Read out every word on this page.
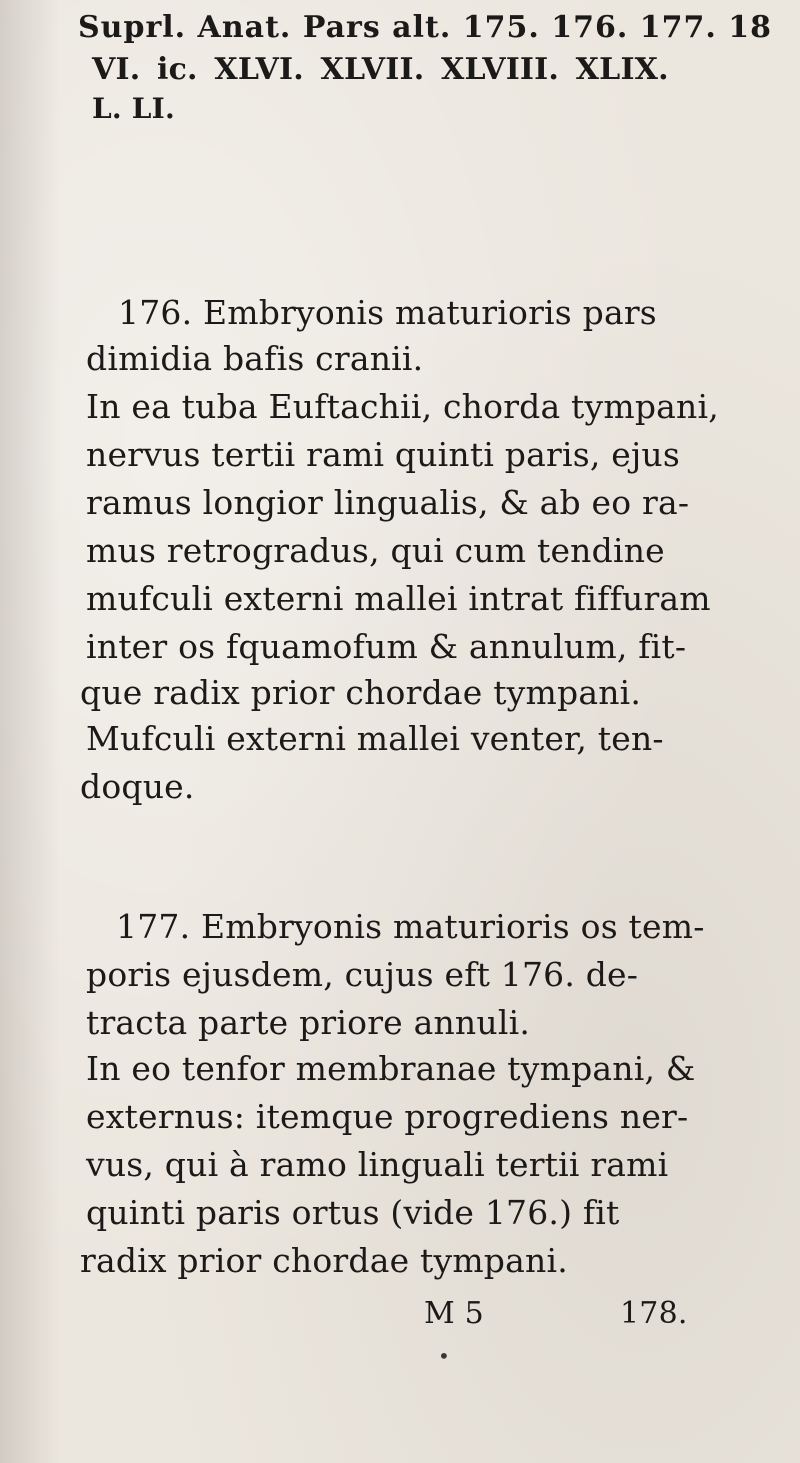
Suprl. Anat. Pars alt. 175. 176. 177. 18
VI. ic. XLVI. XLVII. XLVIII. XLIX.
L. LI.
176. Embryonis maturioris pars
dimidia bafis cranii.
In ea tuba Euftachii, chorda tympani,
nervus tertii rami quinti paris, ejus
ramus longior lingualis, & ab eo ra-
mus retrogradus, qui cum tendine
mufculi externi mallei intrat fiffuram
inter os fquamofum & annulum, fit-
que radix prior chordae tympani.
Mufculi externi mallei venter, ten-
doque.
177. Embryonis maturioris os tem-
poris ejusdem, cujus eft 176. de-
tracta parte priore annuli.
In eo tenfor membranae tympani, &
externus: itemque progrediens ner-
vus, qui à ramo linguali tertii rami
quinti paris ortus (vide 176.) fit
radix prior chordae tympani.
M 5	178.
•
